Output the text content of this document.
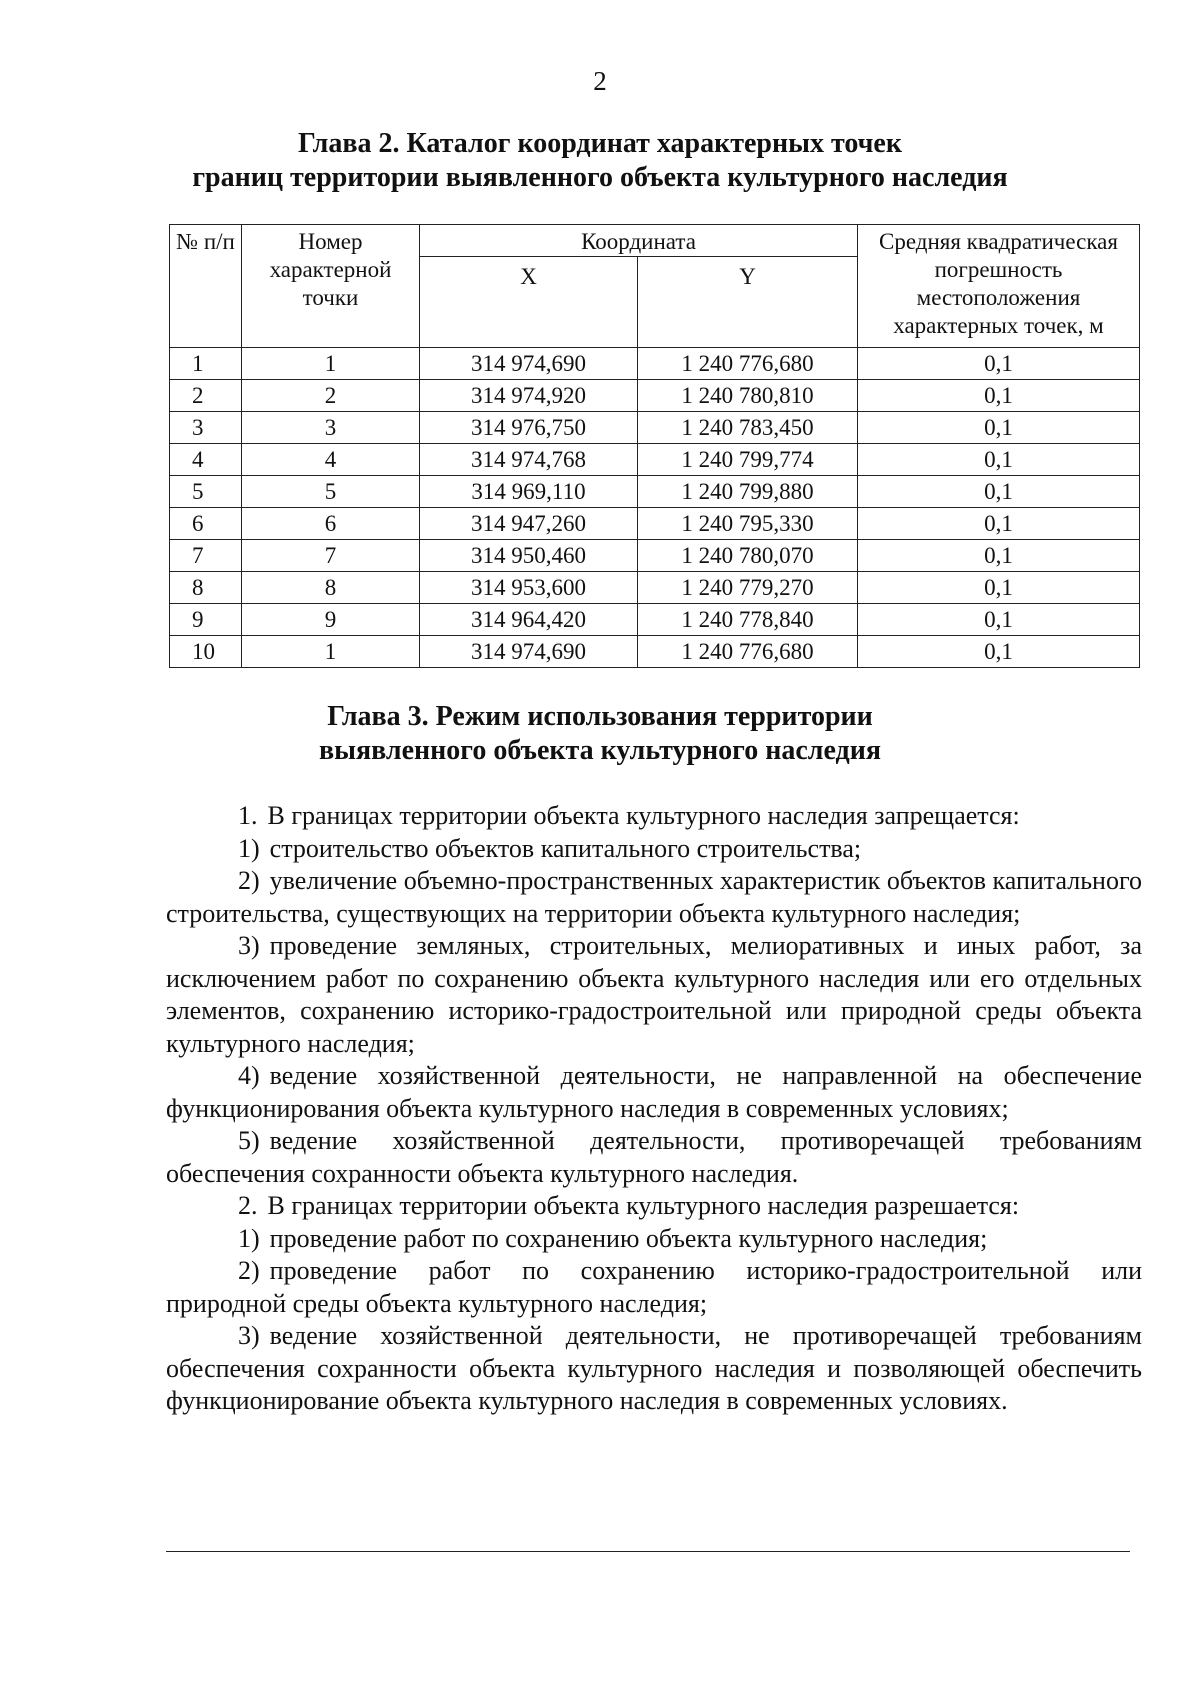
2
Глава 2. Каталог координат характерных точек
границ территории выявленного объекта культурного наследия
№ п/п	Номер характерной точки	Координата		Средняя квадратическая погрешность местоположения характерных точек, м
		X	Y	
1	1	314 974,690	1 240 776,680	0,1
2	2	314 974,920	1 240 780,810	0,1
3	3	314 976,750	1 240 783,450	0,1
4	4	314 974,768	1 240 799,774	0,1
5	5	314 969,110	1 240 799,880	0,1
6	6	314 947,260	1 240 795,330	0,1
7	7	314 950,460	1 240 780,070	0,1
8	8	314 953,600	1 240 779,270	0,1
9	9	314 964,420	1 240 778,840	0,1
10	1	314 974,690	1 240 776,680	0,1
Глава 3. Режим использования территории
выявленного объекта культурного наследия

1. В границах территории объекта культурного наследия запрещается:

1) строительство объектов капитального строительства;

2) увеличение объемно-пространственных характеристик объектов капитального строительства, существующих на территории объекта культурного наследия;

3) проведение земляных, строительных, мелиоративных и иных работ, за исключением работ по сохранению объекта культурного наследия или его отдельных элементов, сохранению историко-градостроительной или природной среды объекта культурного наследия;

4) ведение хозяйственной деятельности, не направленной на обеспечение функционирования объекта культурного наследия в современных условиях;

5) ведение хозяйственной деятельности, противоречащей требованиям обеспечения сохранности объекта культурного наследия.

2. В границах территории объекта культурного наследия разрешается:

1) проведение работ по сохранению объекта культурного наследия;

2) проведение работ по сохранению историко-градостроительной или природной среды объекта культурного наследия;

3) ведение хозяйственной деятельности, не противоречащей требованиям обеспечения сохранности объекта культурного наследия и позволяющей обеспечить функционирование объекта культурного наследия в современных условиях.
